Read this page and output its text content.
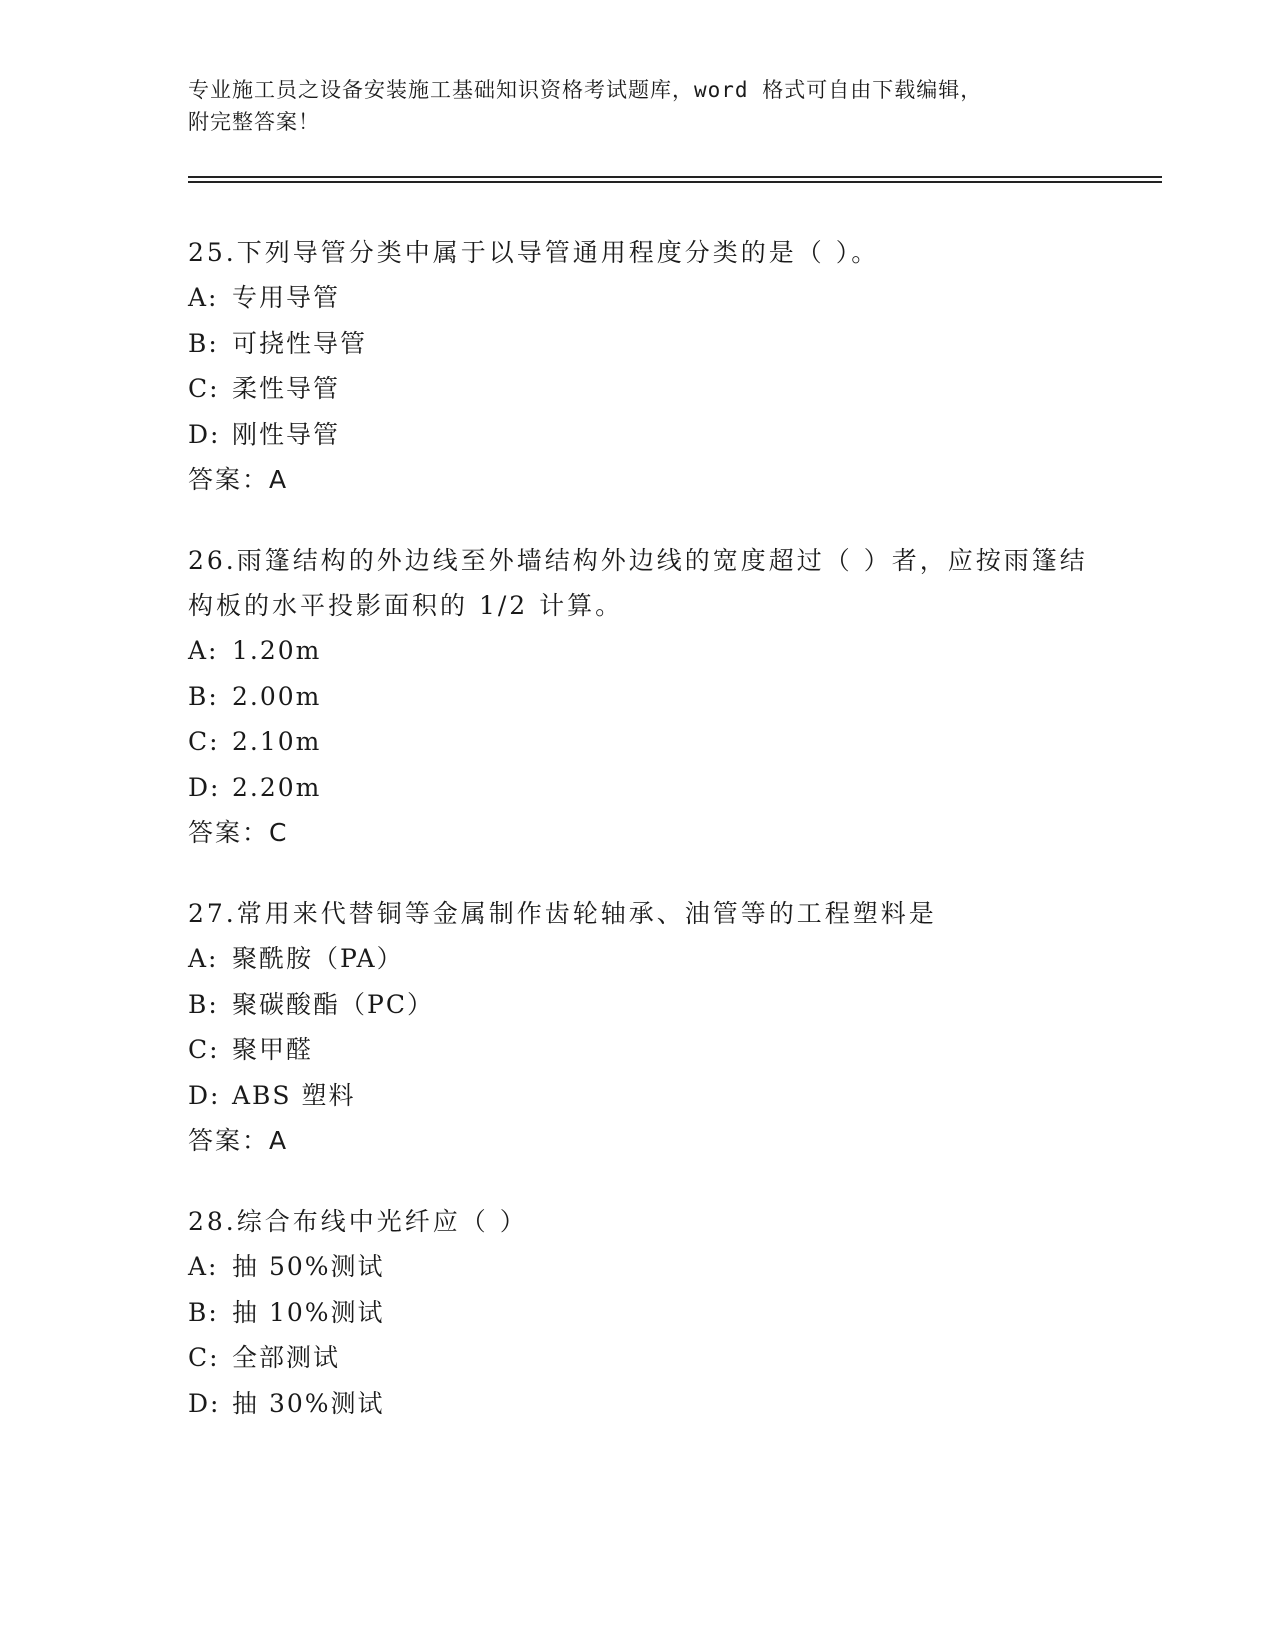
专业施工员之设备安装施工基础知识资格考试题库，word 格式可自由下载编辑，
附完整答案！
25.下列导管分类中属于以导管通用程度分类的是（ ）。
A: 专用导管
B: 可挠性导管
C: 柔性导管
D: 刚性导管
答案：A
26.雨篷结构的外边线至外墙结构外边线的宽度超过（ ）者，应按雨篷结构板的水平投影面积的 1/2 计算。
A: 1.20m
B: 2.00m
C: 2.10m
D: 2.20m
答案：C
27.常用来代替铜等金属制作齿轮轴承、油管等的工程塑料是
A: 聚酰胺（PA）
B: 聚碳酸酯（PC）
C: 聚甲醛
D: ABS 塑料
答案：A
28.综合布线中光纤应（ ）
A: 抽 50%测试
B: 抽 10%测试
C: 全部测试
D: 抽 30%测试
